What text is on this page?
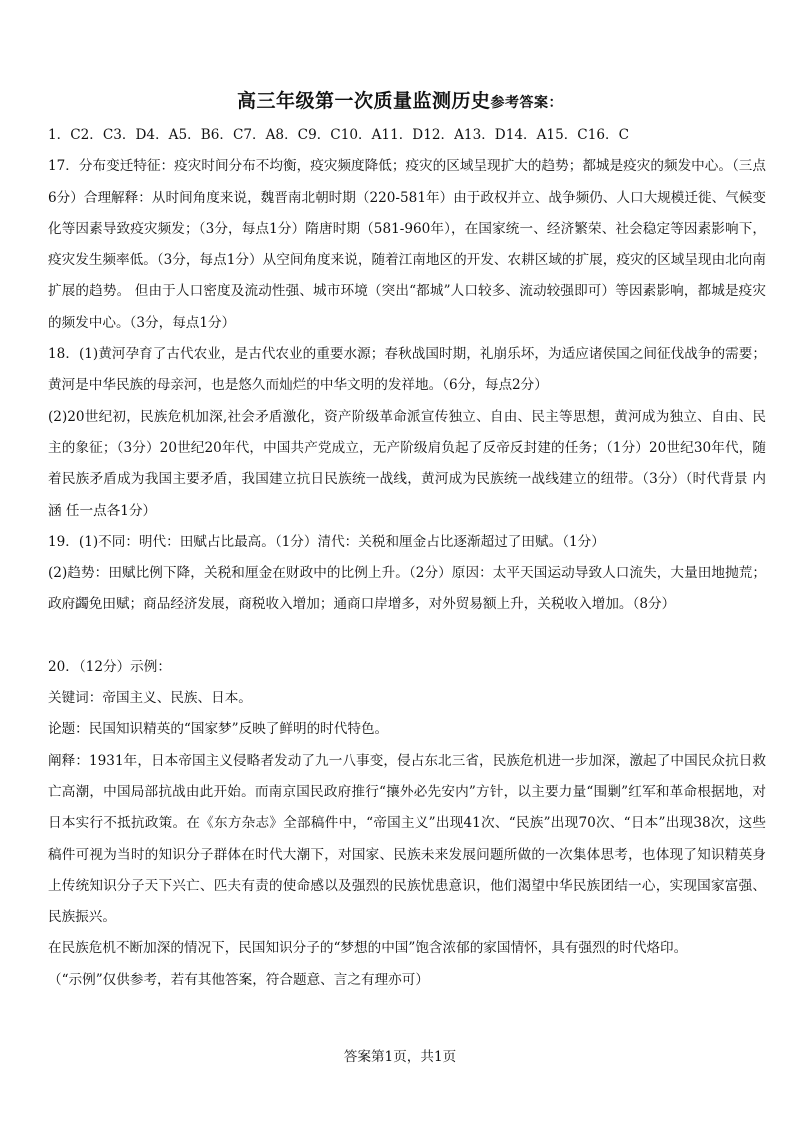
高三年级第一次质量监测历史参考答案：

1．C2．C3．D4．A5．B6．C7．A8．C9．C10．A11．D12．A13．D14．A15．C16．C

17．分布变迁特征：疫灾时间分布不均衡，疫灾频度降低；疫灾的区域呈现扩大的趋势；都城是疫灾的频发中心。（三点6分）合理解释：从时间角度来说，魏晋南北朝时期（220-581年）由于政权并立、战争频仍、人口大规模迁徙、气候变化等因素导致疫灾频发；（3分，每点1分）隋唐时期（581-960年），在国家统一、经济繁荣、社会稳定等因素影响下，疫灾发生频率低。（3分，每点1分）从空间角度来说，随着江南地区的开发、农耕区域的扩展，疫灾的区域呈现由北向南扩展的趋势。 但由于人口密度及流动性强、城市环境（突出“都城”人口较多、流动较强即可）等因素影响，都城是疫灾的频发中心。（3分，每点1分）

18．(1)黄河孕育了古代农业，是古代农业的重要水源；春秋战国时期，礼崩乐坏，为适应诸侯国之间征伐战争的需要；黄河是中华民族的母亲河，也是悠久而灿烂的中华文明的发祥地。（6分，每点2分）

(2)20世纪初，民族危机加深,社会矛盾激化，资产阶级革命派宣传独立、自由、民主等思想，黄河成为独立、自由、民主的象征；（3分）20世纪20年代，中国共产党成立，无产阶级肩负起了反帝反封建的任务；（1分）20世纪30年代，随着民族矛盾成为我国主要矛盾，我国建立抗日民族统一战线，黄河成为民族统一战线建立的纽带。（3分）（时代背景 内涵 任一点各1分）

19．(1)不同：明代：田赋占比最高。（1分）清代：关税和厘金占比逐渐超过了田赋。（1分）

(2)趋势：田赋比例下降，关税和厘金在财政中的比例上升。（2分）原因：太平天国运动导致人口流失，大量田地抛荒；政府蠲免田赋；商品经济发展，商税收入增加；通商口岸增多，对外贸易额上升，关税收入增加。（8分）

20．（12分）示例：

关键词：帝国主义、民族、日本。

论题：民国知识精英的“国家梦”反映了鲜明的时代特色。

阐释：1931年，日本帝国主义侵略者发动了九一八事变，侵占东北三省，民族危机进一步加深，激起了中国民众抗日救亡高潮，中国局部抗战由此开始。而南京国民政府推行“攘外必先安内”方针，以主要力量“围剿”红军和革命根据地，对日本实行不抵抗政策。在《东方杂志》全部稿件中，“帝国主义”出现41次、“民族”出现70次、“日本”出现38次，这些稿件可视为当时的知识分子群体在时代大潮下，对国家、民族未来发展问题所做的一次集体思考，也体现了知识精英身上传统知识分子天下兴亡、匹夫有责的使命感以及强烈的民族忧患意识，他们渴望中华民族团结一心，实现国家富强、民族振兴。

在民族危机不断加深的情况下，民国知识分子的“梦想的中国”饱含浓郁的家国情怀，具有强烈的时代烙印。

（“示例”仅供参考，若有其他答案，符合题意、言之有理亦可）

答案第1页，共1页
